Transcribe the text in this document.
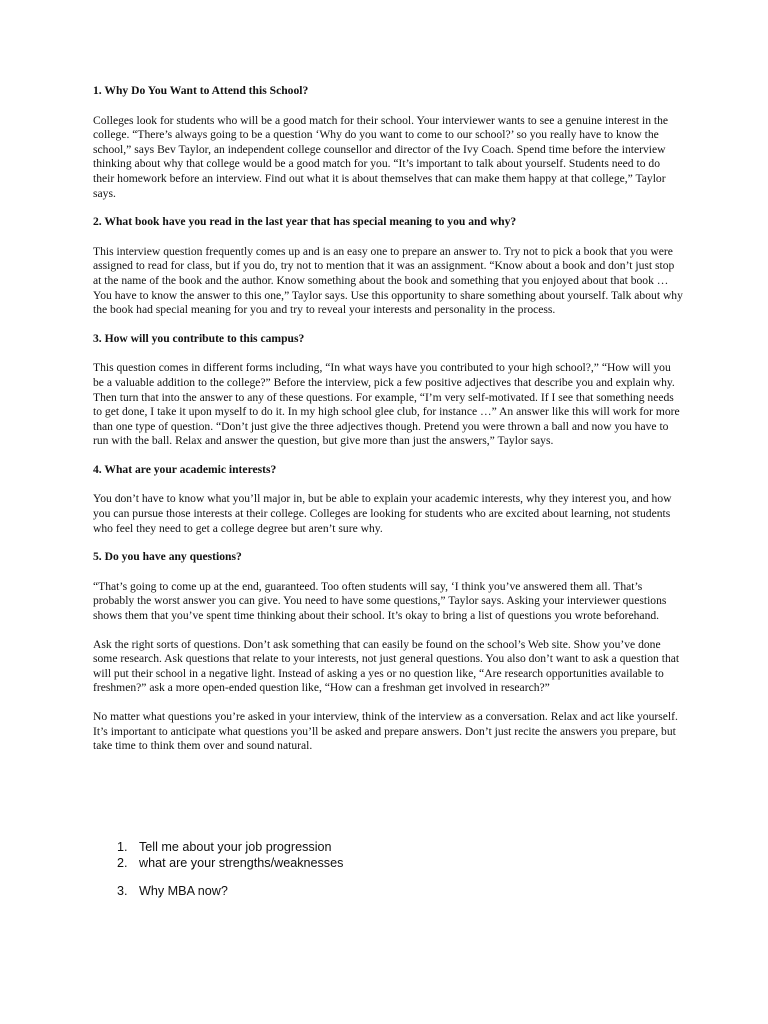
1. Why Do You Want to Attend this School?

Colleges look for students who will be a good match for their school. Your interviewer wants to see a genuine interest in the college. “There’s always going to be a question ‘Why do you want to come to our school?’ so you really have to know the school,” says Bev Taylor, an independent college counsellor and director of the Ivy Coach. Spend time before the interview thinking about why that college would be a good match for you. “It’s important to talk about yourself. Students need to do their homework before an interview. Find out what it is about themselves that can make them happy at that college,” Taylor says.

2. What book have you read in the last year that has special meaning to you and why?

This interview question frequently comes up and is an easy one to prepare an answer to. Try not to pick a book that you were assigned to read for class, but if you do, try not to mention that it was an assignment. “Know about a book and don’t just stop at the name of the book and the author. Know something about the book and something that you enjoyed about that book … You have to know the answer to this one,” Taylor says. Use this opportunity to share something about yourself. Talk about why the book had special meaning for you and try to reveal your interests and personality in the process.

3. How will you contribute to this campus?

This question comes in different forms including, “In what ways have you contributed to your high school?,” “How will you be a valuable addition to the college?” Before the interview, pick a few positive adjectives that describe you and explain why. Then turn that into the answer to any of these questions. For example, “I’m very self-motivated. If I see that something needs to get done, I take it upon myself to do it. In my high school glee club, for instance …” An answer like this will work for more than one type of question. “Don’t just give the three adjectives though. Pretend you were thrown a ball and now you have to run with the ball. Relax and answer the question, but give more than just the answers,” Taylor says.

4. What are your academic interests?

You don’t have to know what you’ll major in, but be able to explain your academic interests, why they interest you, and how you can pursue those interests at their college. Colleges are looking for students who are excited about learning, not students who feel they need to get a college degree but aren’t sure why.

5. Do you have any questions?

“That’s going to come up at the end, guaranteed. Too often students will say, ‘I think you’ve answered them all. That’s probably the worst answer you can give. You need to have some questions,” Taylor says. Asking your interviewer questions shows them that you’ve spent time thinking about their school. It’s okay to bring a list of questions you wrote beforehand.

Ask the right sorts of questions. Don’t ask something that can easily be found on the school’s Web site. Show you’ve done some research. Ask questions that relate to your interests, not just general questions. You also don’t want to ask a question that will put their school in a negative light. Instead of asking a yes or no question like, “Are research opportunities available to freshmen?” ask a more open-ended question like, “How can a freshman get involved in research?”

No matter what questions you’re asked in your interview, think of the interview as a conversation. Relax and act like yourself. It’s important to anticipate what questions you’ll be asked and prepare answers. Don’t just recite the answers you prepare, but take time to think them over and sound natural.

1. Tell me about your job progression
2. what are your strengths/weaknesses
3. Why MBA now?
